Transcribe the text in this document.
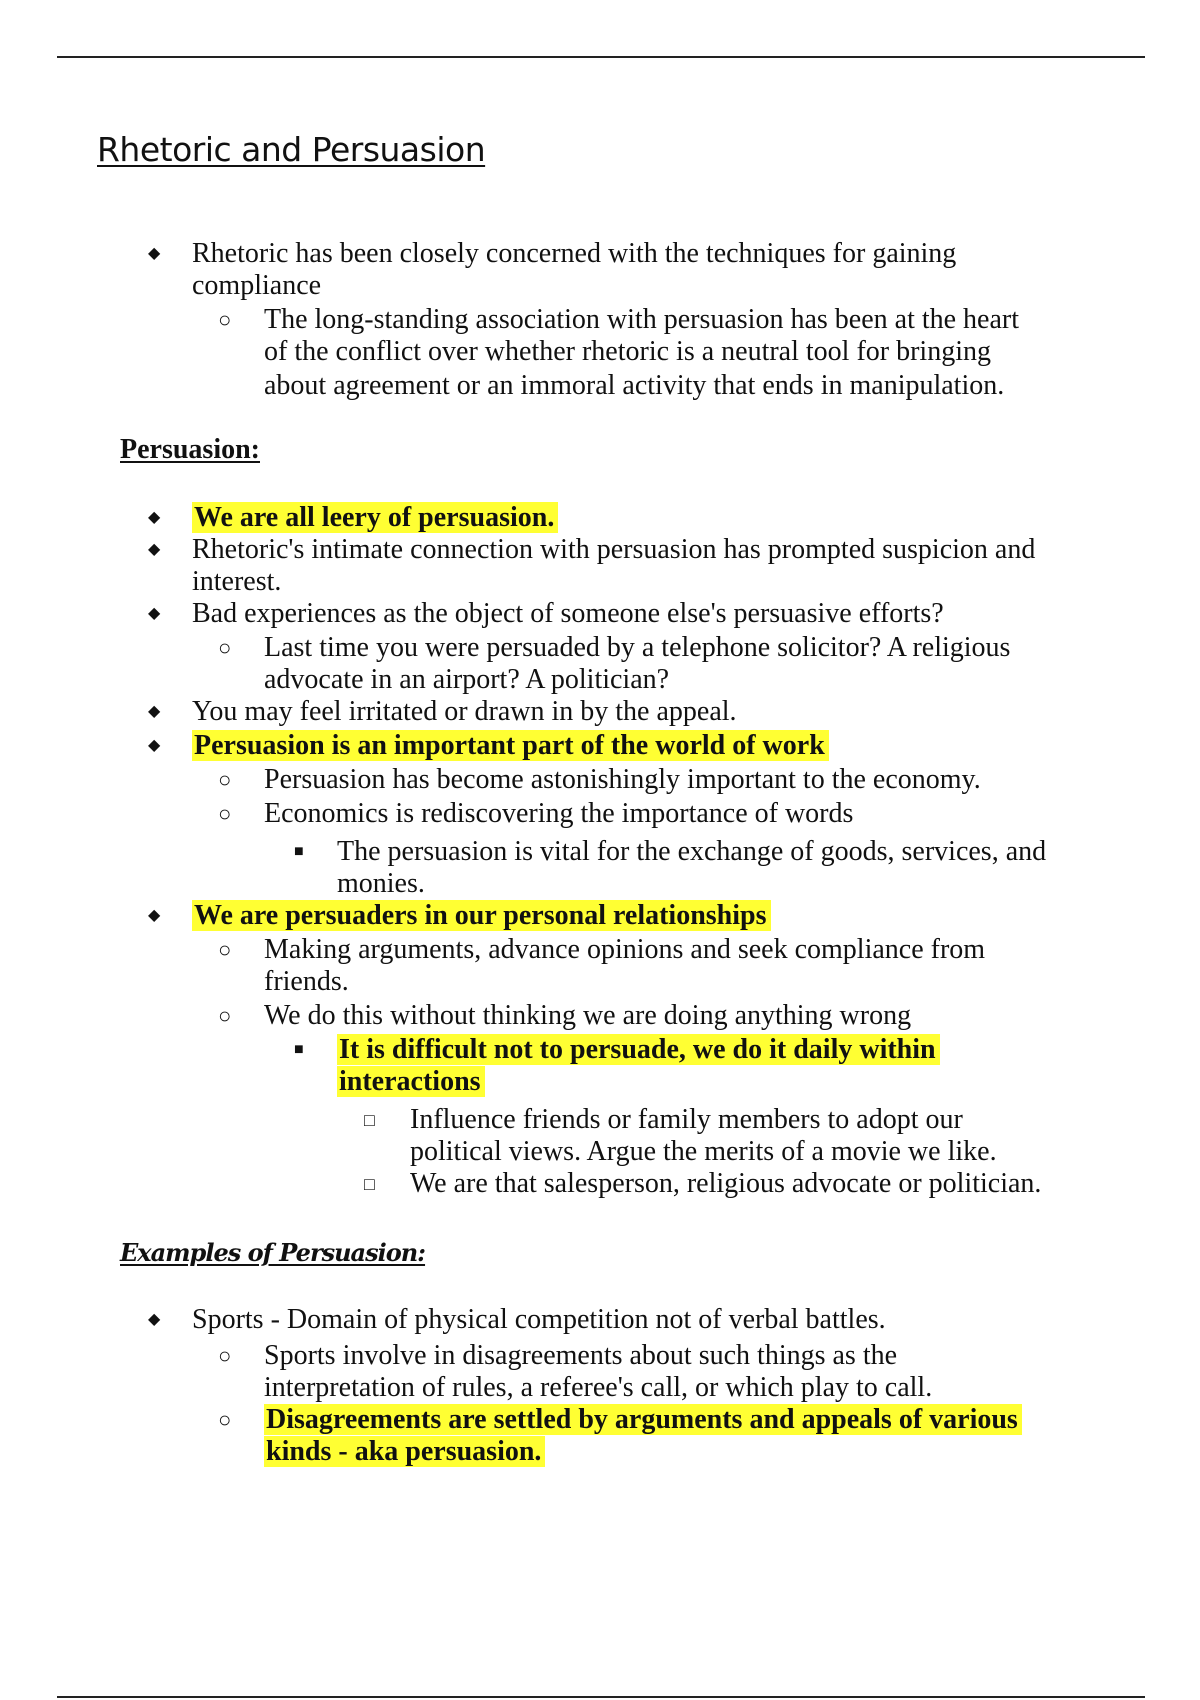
Rhetoric and Persuasion
◆ Rhetoric has been closely concerned with the techniques for gaining
compliance
○ The long-standing association with persuasion has been at the heart
of the conflict over whether rhetoric is a neutral tool for bringing
about agreement or an immoral activity that ends in manipulation.
Persuasion:
◆ We are all leery of persuasion.
◆ Rhetoric's intimate connection with persuasion has prompted suspicion and
interest.
◆ Bad experiences as the object of someone else's persuasive efforts?
○ Last time you were persuaded by a telephone solicitor? A religious
advocate in an airport? A politician?
◆ You may feel irritated or drawn in by the appeal.
◆ Persuasion is an important part of the world of work
○ Persuasion has become astonishingly important to the economy.
○ Economics is rediscovering the importance of words
■ The persuasion is vital for the exchange of goods, services, and
monies.
◆ We are persuaders in our personal relationships
○ Making arguments, advance opinions and seek compliance from
friends.
○ We do this without thinking we are doing anything wrong
■ It is difficult not to persuade, we do it daily within
interactions
□ Influence friends or family members to adopt our
political views. Argue the merits of a movie we like.
□ We are that salesperson, religious advocate or politician.
Examples of Persuasion:
◆ Sports - Domain of physical competition not of verbal battles.
○ Sports involve in disagreements about such things as the
interpretation of rules, a referee's call, or which play to call.
○ Disagreements are settled by arguments and appeals of various
kinds - aka persuasion.
